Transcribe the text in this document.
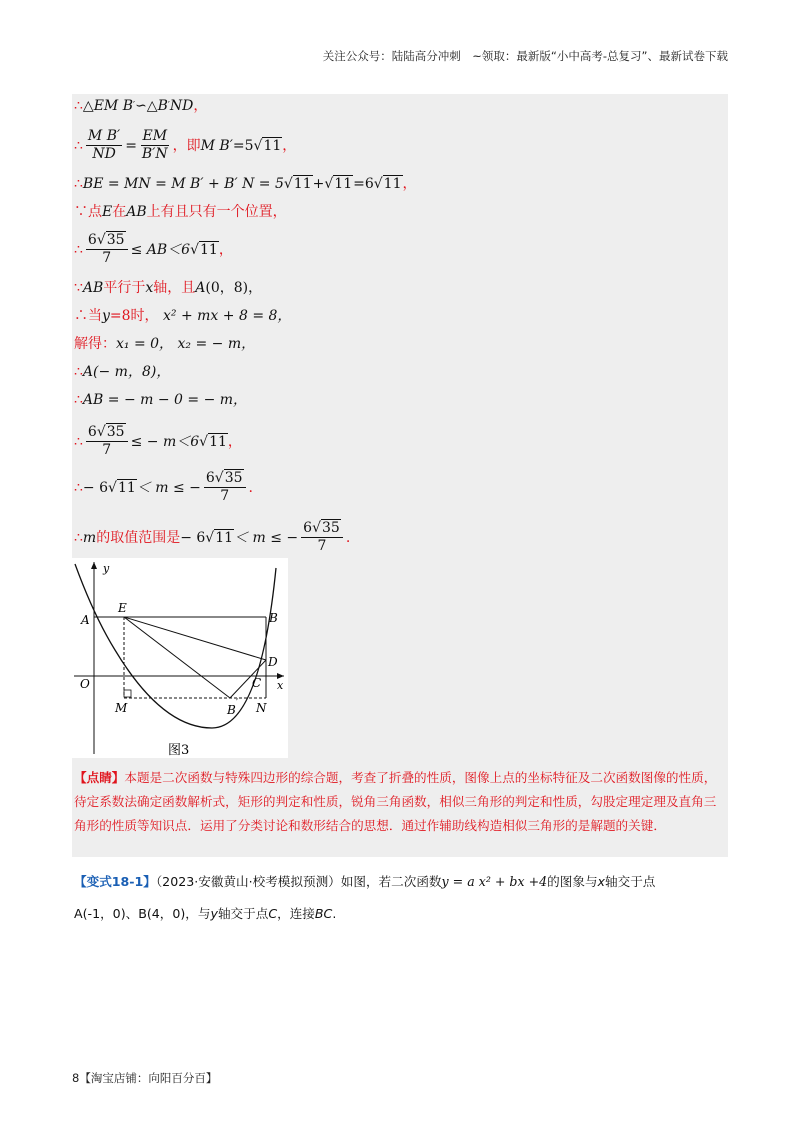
关注公众号：陆陆高分冲刺　~领取：最新版“小中高考-总复习”、最新试卷下载
∴ △ EM
B ′ ∽ △ B ′ ND ，
∴ $\frac{\text{M B′}}{ND} = \frac{EM}{B'N}$ ，即 M B′ =5 √11 ，
∴ BE = MN = M B′ + B′ N = 5 √11 + √11 =6 √11 ，
∵点 E 在 AB 上有且只有一个位置，
∴ $\frac{6√35}{7} \le AB<6$ √11 ，
∵ AB 平行于 x 轴，且 A (0，8)，
∴当 y =8时，
x² + mx + 8 = 8，
解得： x₁ = 0，
x₂ = − m，
∴ A(− m，8)，
∴ AB = − m − 0 = − m，
∴ $\frac{6√35}{7}$ ≤ − m＜6 √11 ，
∴ − 6 √11 ＜ m ≤ − $\frac{6√35}{7}$ .
∴ m 的取值范围是 − 6 √11 ＜ m ≤ − $\frac{6√35}{7}$ .
y
x
O
A
E
B
D
C
M	B ′ N
图3
【点睛】本题是二次函数与特殊四边形的综合题，考查了折叠的性质，图像上点的坐标特征及二次函数图像的性质，待定系数法确定函数解析式，矩形的判定和性质，锐角三角函数，相似三角形的判定和性质，勾股定理定理及直角三角形的性质等知识点．运用了分类讨论和数形结合的思想．通过作辅助线构造相似三角形的是解题的关键．
【变式18-1】（2023·安徽黄山·校考模拟预测）如图，若二次函数y = a x² + bx +4的图象与x轴交于点
A(-1，0)、B(4，0)，与y轴交于点C，连接BC.
8【淘宝店铺：向阳百分百】
